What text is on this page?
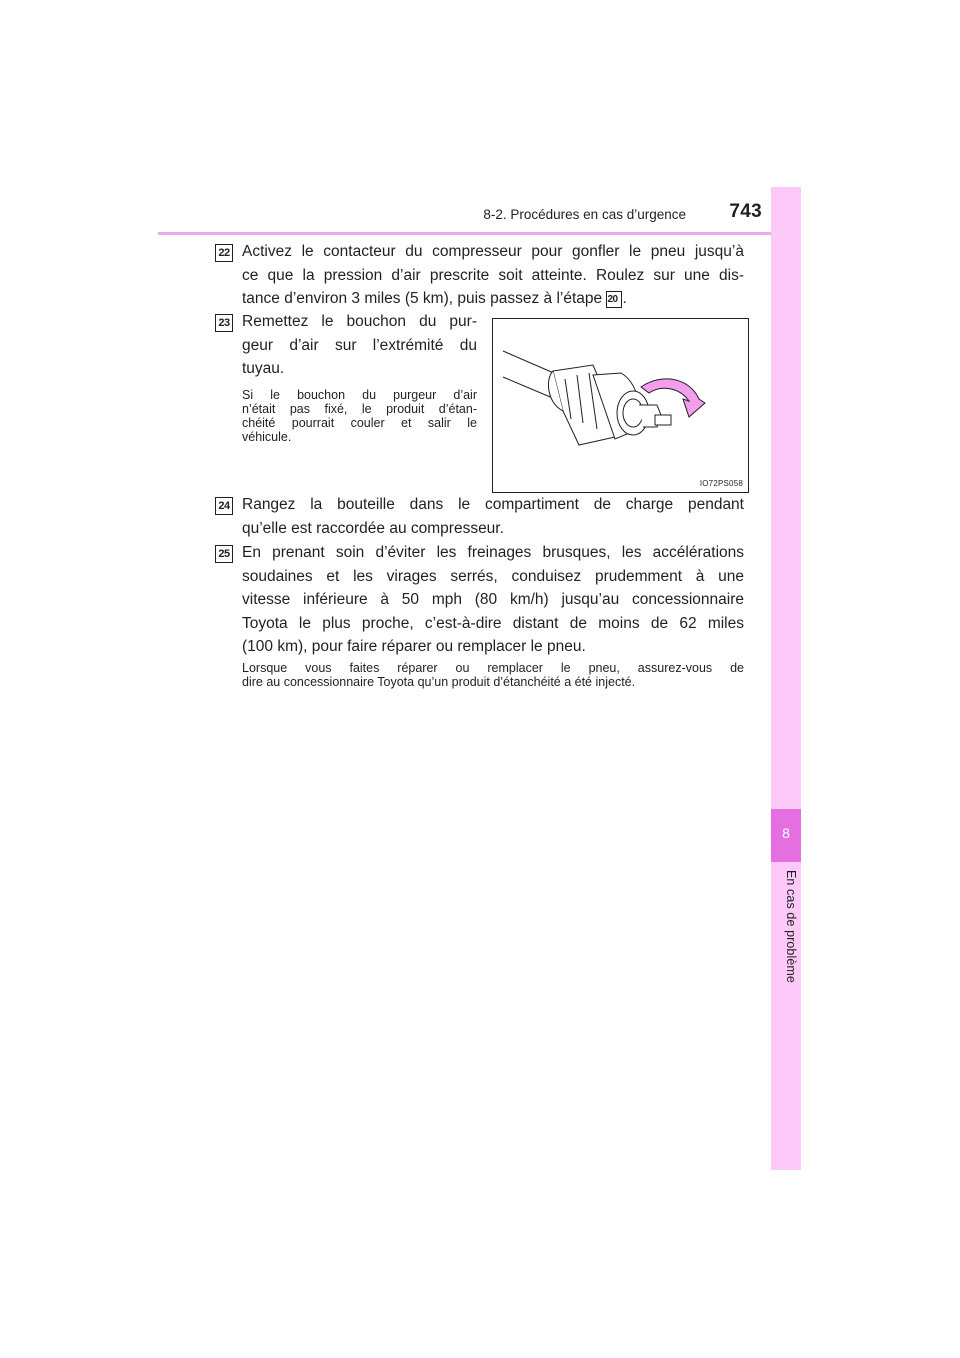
8-2. Procédures en cas d’urgence	743
8
En cas de problème
22 Activez le contacteur du compresseur pour gonfler le pneu jusqu’à
ce que la pression d’air prescrite soit atteinte. Roulez sur une dis-
tance d’environ 3 miles (5 km), puis passez à l’étape 20 .
23 Remettez le bouchon du pur-
geur d’air sur l’extrémité du
tuyau.
Si le bouchon du purgeur d’air
n’était pas fixé, le produit d’étan-
chéité pourrait couler et salir le
véhicule.
IO72PS058
24 Rangez la bouteille dans le compartiment de charge pendant
qu’elle est raccordée au compresseur.
25 En prenant soin d’éviter les freinages brusques, les accélérations
soudaines et les virages serrés, conduisez prudemment à une
vitesse inférieure à 50 mph (80 km/h) jusqu’au concessionnaire
Toyota le plus proche, c’est-à-dire distant de moins de 62 miles
(100 km), pour faire réparer ou remplacer le pneu.
Lorsque vous faites réparer ou remplacer le pneu, assurez-vous de
dire au concessionnaire Toyota qu’un produit d’étanchéité a été injecté.
